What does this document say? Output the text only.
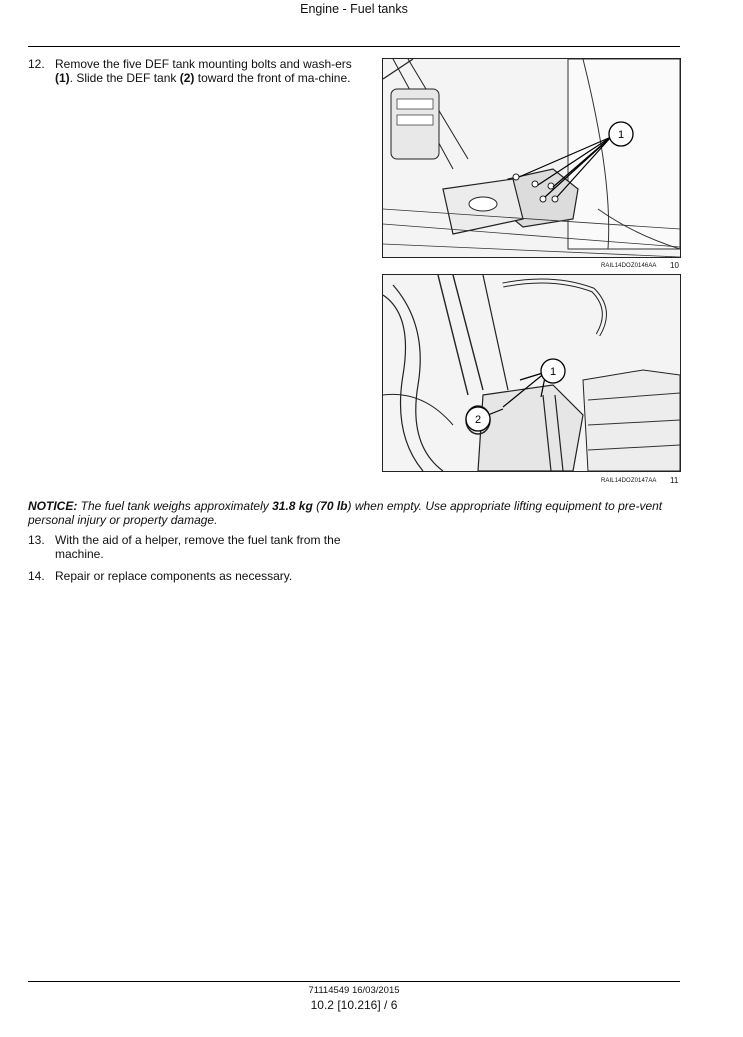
Engine - Fuel tanks
12. Remove the five DEF tank mounting bolts and wash-ers (1). Slide the DEF tank (2) toward the front of ma-chine.
1
RAIL14DOZ0146AA 10
1
2
RAIL14DOZ0147AA 11
NOTICE: The fuel tank weighs approximately 31.8 kg (70 lb) when empty. Use appropriate lifting equipment to pre-vent personal injury or property damage.
13. With the aid of a helper, remove the fuel tank from the machine.
14. Repair or replace components as necessary.
71114549 16/03/2015
10.2 [10.216] / 6
